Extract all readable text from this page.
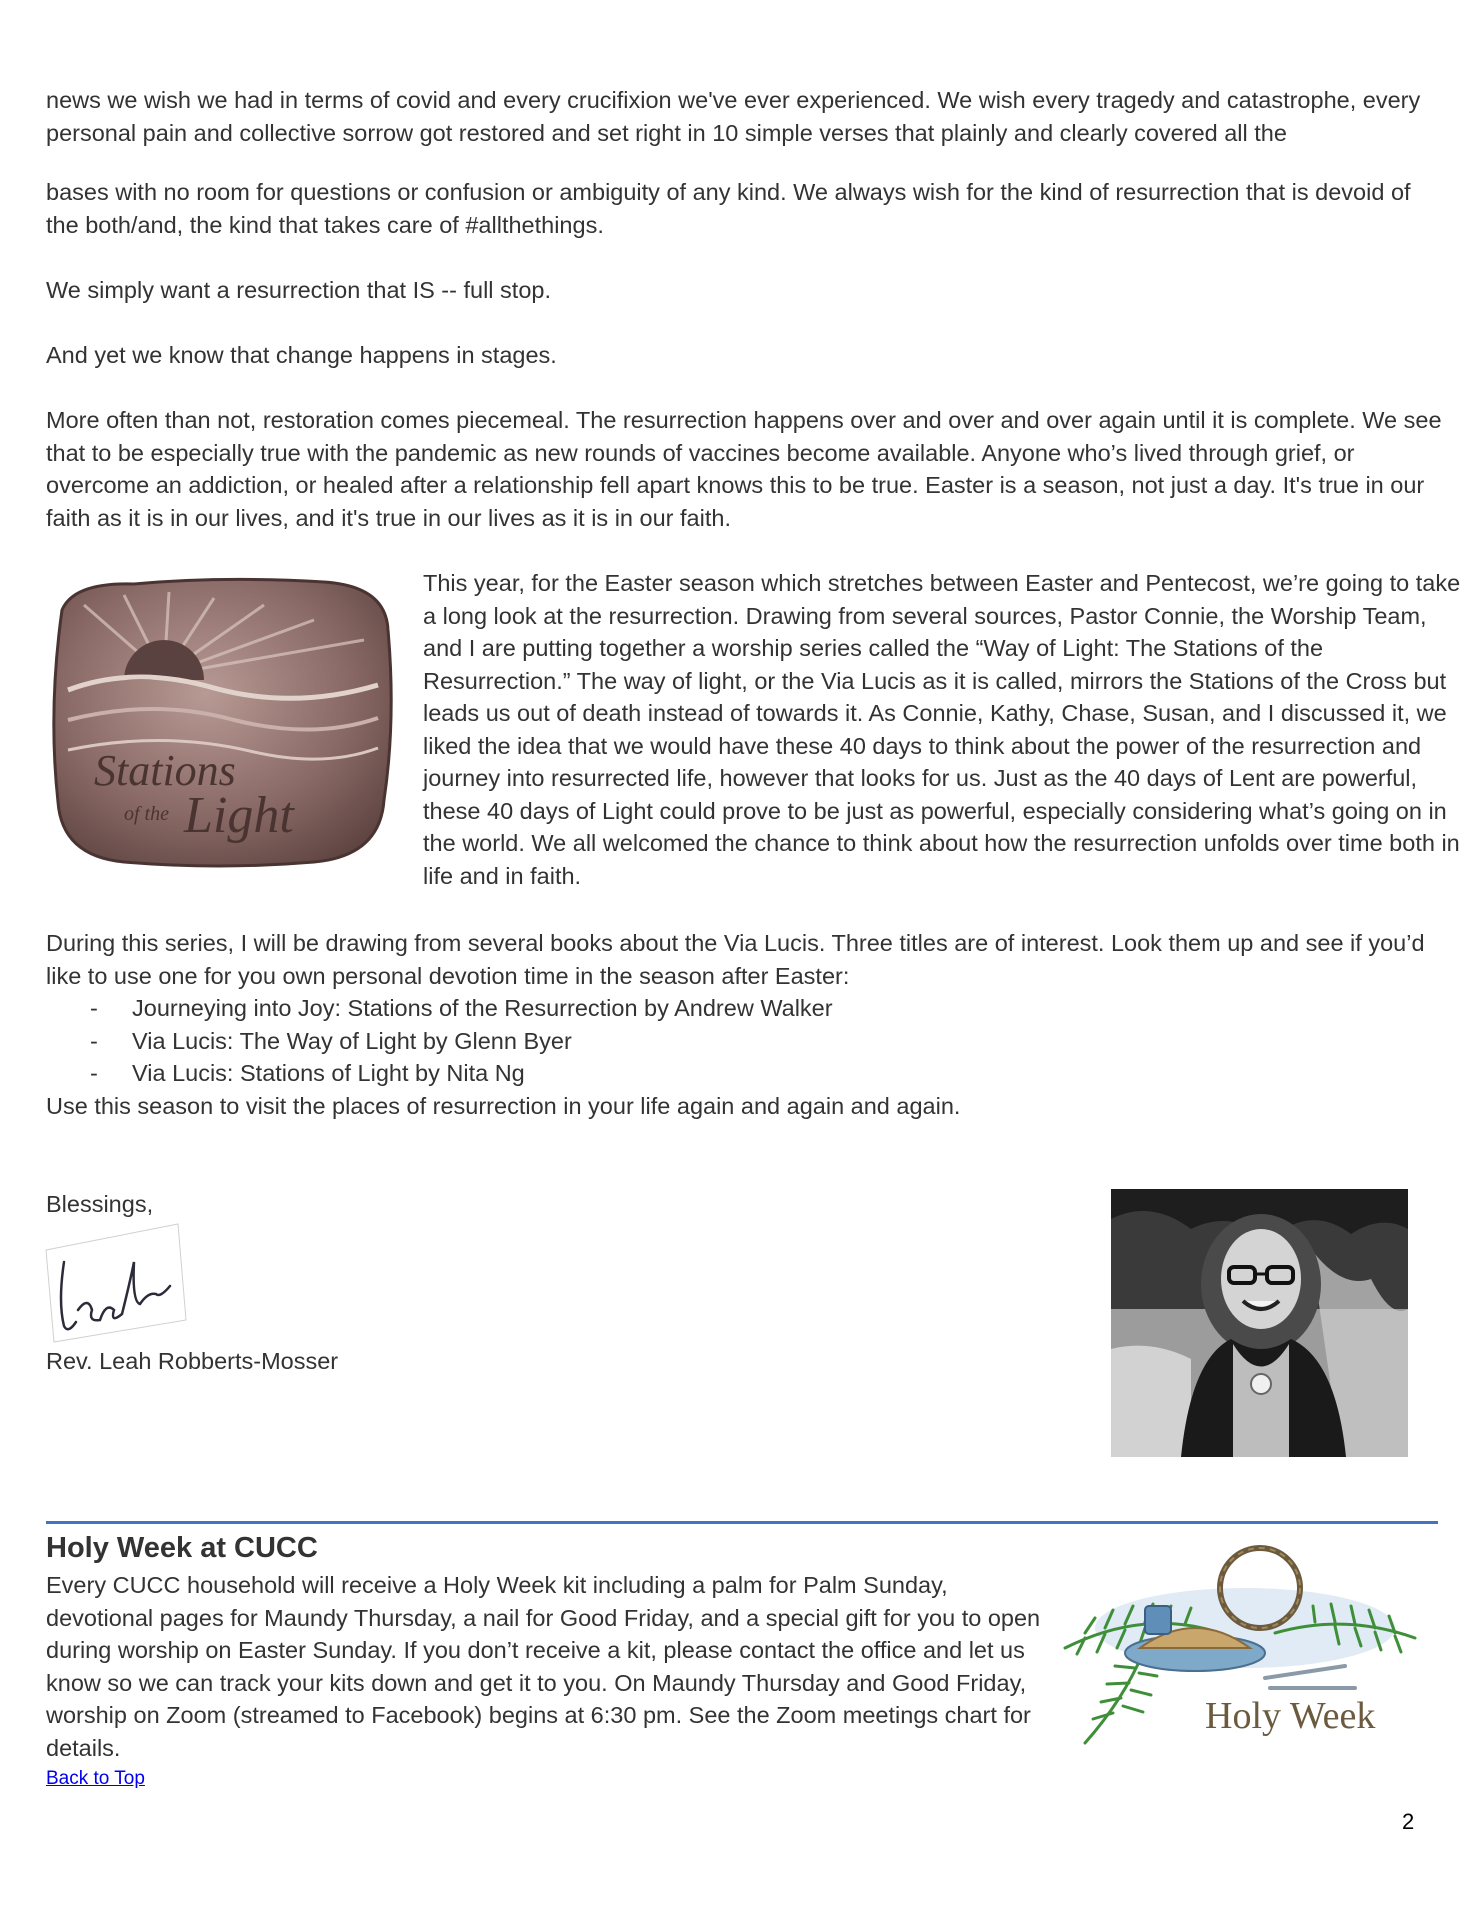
news we wish we had in terms of covid and every crucifixion we've ever experienced. We wish every tragedy and catastrophe, every personal pain and collective sorrow got restored and set right in 10 simple verses that plainly and clearly covered all the

bases with no room for questions or confusion or ambiguity of any kind. We always wish for the kind of resurrection that is devoid of the both/and, the kind that takes care of #allthethings.

We simply want a resurrection that IS -- full stop.

And yet we know that change happens in stages.

More often than not, restoration comes piecemeal. The resurrection happens over and over and over again until it is complete. We see that to be especially true with the pandemic as new rounds of vaccines become available. Anyone who’s lived through grief, or overcome an addiction, or healed after a relationship fell apart knows this to be true. Easter is a season, not just a day. It's true in our faith as it is in our lives, and it's true in our lives as it is in our faith.

Stations
of the Light

This year, for the Easter season which stretches between Easter and Pentecost, we’re going to take a long look at the resurrection. Drawing from several sources, Pastor Connie, the Worship Team, and I are putting together a worship series called the “Way of Light: The Stations of the Resurrection.” The way of light, or the Via Lucis as it is called, mirrors the Stations of the Cross but leads us out of death instead of towards it. As Connie, Kathy, Chase, Susan, and I discussed it, we liked the idea that we would have these 40 days to think about the power of the resurrection and journey into resurrected life, however that looks for us. Just as the 40 days of Lent are powerful, these 40 days of Light could prove to be just as powerful, especially considering what’s going on in the world. We all welcomed the chance to think about how the resurrection unfolds over time both in life and in faith.

During this series, I will be drawing from several books about the Via Lucis. Three titles are of interest. Look them up and see if you’d like to use one for you own personal devotion time in the season after Easter:

- Journeying into Joy: Stations of the Resurrection by Andrew Walker
- Via Lucis: The Way of Light by Glenn Byer
- Via Lucis: Stations of Light by Nita Ng

Use this season to visit the places of resurrection in your life again and again and again.

Blessings,

Rev. Leah Robberts-Mosser

Holy Week at CUCC

Every CUCC household will receive a Holy Week kit including a palm for Palm Sunday, devotional pages for Maundy Thursday, a nail for Good Friday, and a special gift for you to open during worship on Easter Sunday. If you don’t receive a kit, please contact the office and let us know so we can track your kits down and get it to you. On Maundy Thursday and Good Friday, worship on Zoom (streamed to Facebook) begins at 6:30 pm. See the Zoom meetings chart for details.

Back to Top
Holy Week
2
